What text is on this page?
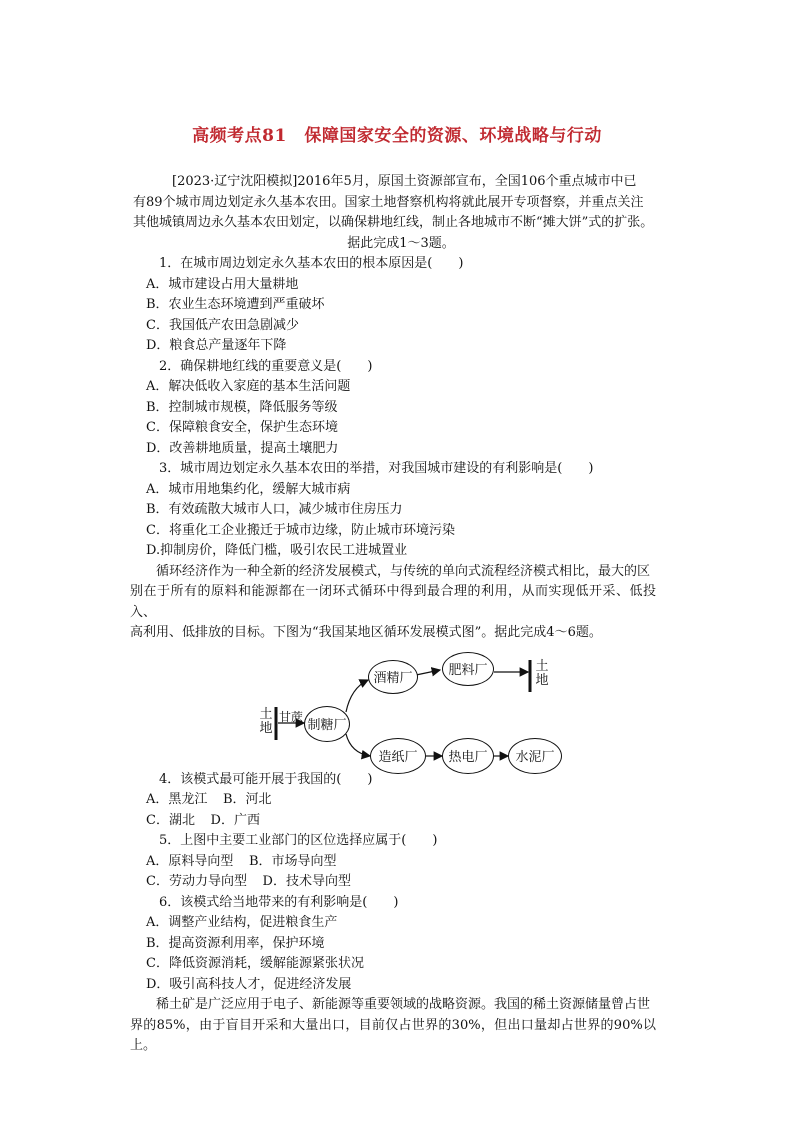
高频考点81　保障国家安全的资源、环境战略与行动

[2023·辽宁沈阳模拟]2016年5月，原国土资源部宣布，全国106个重点城市中已

有89个城市周边划定永久基本农田。国家土地督察机构将就此展开专项督察，并重点关注

其他城镇周边永久基本农田划定，以确保耕地红线，制止各地城市不断“摊大饼”式的扩张。

据此完成1～3题。

1．在城市周边划定永久基本农田的根本原因是(　　)

A．城市建设占用大量耕地

B．农业生态环境遭到严重破坏

C．我国低产农田急剧减少

D．粮食总产量逐年下降

2．确保耕地红线的重要意义是(　　)

A．解决低收入家庭的基本生活问题

B．控制城市规模，降低服务等级

C．保障粮食安全，保护生态环境

D．改善耕地质量，提高土壤肥力

3．城市周边划定永久基本农田的举措，对我国城市建设的有利影响是(　　)

A．城市用地集约化，缓解大城市病

B．有效疏散大城市人口，减少城市住房压力

C．将重化工企业搬迁于城市边缘，防止城市环境污染

D.抑制房价，降低门槛，吸引农民工进城置业

循环经济作为一种全新的经济发展模式，与传统的单向式流程经济模式相比，最大的区

别在于所有的原料和能源都在一闭环式循环中得到最合理的利用，从而实现低开采、低投入、

高利用、低排放的目标。下图为“我国某地区循环发展模式图”。据此完成4～6题。

土地
甘蔗
土地
制糖厂
酒精厂
肥料厂
造纸厂	热电厂	水泥厂

4．该模式最可能开展于我国的(　　)

A．黑龙江 B．河北

C．湖北 D．广西

5．上图中主要工业部门的区位选择应属于(　　)

A．原料导向型 B．市场导向型

C．劳动力导向型 D．技术导向型

6．该模式给当地带来的有利影响是(　　)

A．调整产业结构，促进粮食生产

B．提高资源利用率，保护环境

C．降低资源消耗，缓解能源紧张状况

D．吸引高科技人才，促进经济发展

稀土矿是广泛应用于电子、新能源等重要领域的战略资源。我国的稀土资源储量曾占世

界的85%，由于盲目开采和大量出口，目前仅占世界的30%，但出口量却占世界的90%以上。
